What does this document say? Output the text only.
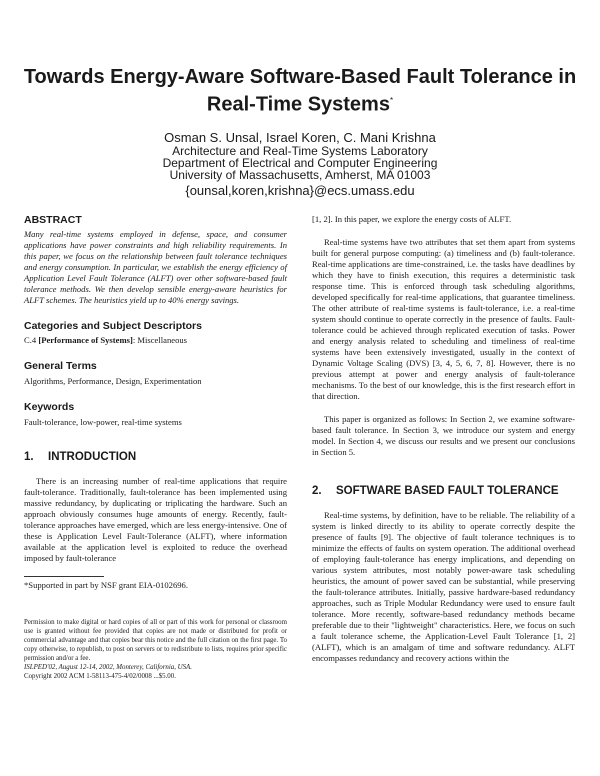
Towards Energy-Aware Software-Based Fault Tolerance in
Real-Time Systems*
Osman S. Unsal, Israel Koren, C. Mani Krishna
Architecture and Real-Time Systems Laboratory
Department of Electrical and Computer Engineering
University of Massachusetts, Amherst, MA 01003
{ounsal,koren,krishna}@ecs.umass.edu
ABSTRACT

Many real-time systems employed in defense, space, and consumer applications have power constraints and high reliability requirements. In this paper, we focus on the relationship between fault tolerance techniques and energy consumption. In particular, we establish the energy efficiency of Application Level Fault Tolerance (ALFT) over other software-based fault tolerance methods. We then develop sensible energy-aware heuristics for ALFT schemes. The heuristics yield up to 40% energy savings.

Categories and Subject Descriptors

C.4 [Performance of Systems]: Miscellaneous

General Terms

Algorithms, Performance, Design, Experimentation

Keywords

Fault-tolerance, low-power, real-time systems

1. INTRODUCTION

There is an increasing number of real-time applications that require fault-tolerance. Traditionally, fault-tolerance has been implemented using massive redundancy, by duplicating or triplicating the hardware. Such an approach obviously consumes huge amounts of energy. Recently, fault-tolerance approaches have emerged, which are less energy-intensive. One of these is Application Level Fault-Tolerance (ALFT), where information available at the application level is exploited to reduce the overhead imposed by fault-tolerance

*Supported in part by NSF grant EIA-0102696.

Permission to make digital or hard copies of all or part of this work for personal or classroom use is granted without fee provided that copies are not made or distributed for profit or commercial advantage and that copies bear this notice and the full citation on the first page. To copy otherwise, to republish, to post on servers or to redistribute to lists, requires prior specific permission and/or a fee.

ISLPED'02, August 12-14, 2002, Monterey, California, USA.

Copyright 2002 ACM 1-58113-475-4/02/0008 ...$5.00.

[1, 2]. In this paper, we explore the energy costs of ALFT.

Real-time systems have two attributes that set them apart from systems built for general purpose computing: (a) timeliness and (b) fault-tolerance. Real-time applications are time-constrained, i.e. the tasks have deadlines by which they have to finish execution, this requires a deterministic task response time. This is enforced through task scheduling algorithms, developed specifically for real-time applications, that guarantee timeliness. The other attribute of real-time systems is fault-tolerance, i.e. a real-time system should continue to operate correctly in the presence of faults. Fault-tolerance could be achieved through replicated execution of tasks. Power and energy analysis related to scheduling and timeliness of real-time systems have been extensively investigated, usually in the context of Dynamic Voltage Scaling (DVS) [3, 4, 5, 6, 7, 8]. However, there is no previous attempt at power and energy analysis of fault-tolerance mechanisms. To the best of our knowledge, this is the first research effort in that direction.

This paper is organized as follows: In Section 2, we examine software-based fault tolerance. In Section 3, we introduce our system and energy model. In Section 4, we discuss our results and we present our conclusions in Section 5.

2. SOFTWARE BASED FAULT TOLERANCE

Real-time systems, by definition, have to be reliable. The reliability of a system is linked directly to its ability to operate correctly despite the presence of faults [9]. The objective of fault tolerance techniques is to minimize the effects of faults on system operation. The additional overhead of employing fault-tolerance has energy implications, and depending on various system attributes, most notably power-aware task scheduling heuristics, the amount of power saved can be substantial, while preserving the fault-tolerance attributes. Initially, passive hardware-based redundancy approaches, such as Triple Modular Redundancy were used to ensure fault tolerance. More recently, software-based redundancy methods became preferable due to their "lightweight" characteristics. Here, we focus on such a fault tolerance scheme, the Application-Level Fault Tolerance [1, 2] (ALFT), which is an amalgam of time and software redundancy. ALFT encompasses redundancy and recovery actions within the
